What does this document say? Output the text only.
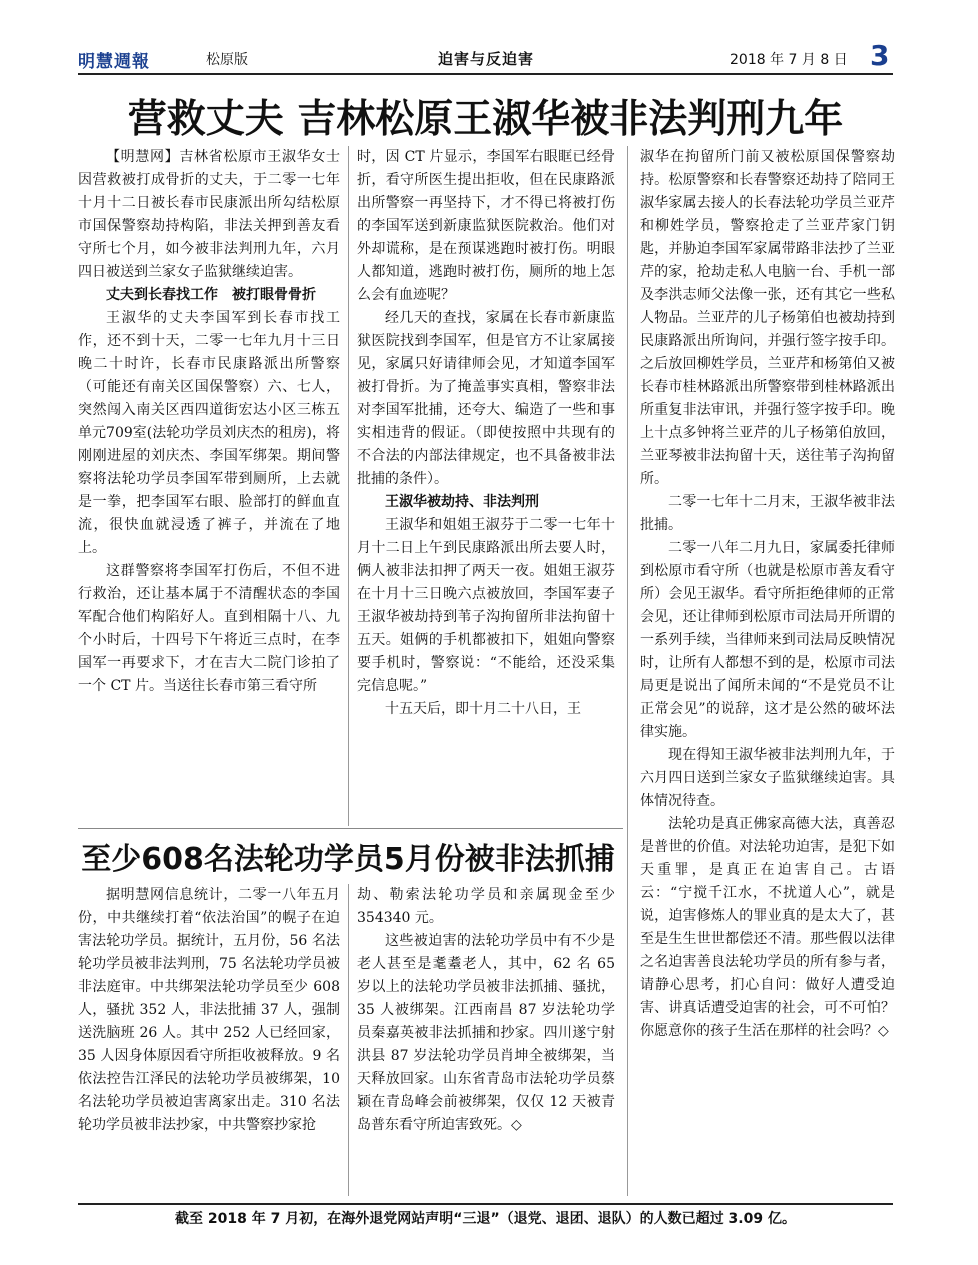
明慧週報	松原版	迫害与反迫害	2018 年 7 月 8 日 3
营救丈夫 吉林松原王淑华被非法判刑九年

【明慧网】吉林省松原市王淑华女士因营救被打成骨折的丈夫，于二零一七年十月十二日被长春市民康派出所勾结松原市国保警察劫持构陷，非法关押到善友看守所七个月，如今被非法判刑九年，六月四日被送到兰家女子监狱继续迫害。

丈夫到长春找工作　被打眼骨骨折

王淑华的丈夫李国军到长春市找工作，还不到十天，二零一七年九月十三日晚二十时许，长春市民康路派出所警察（可能还有南关区国保警察）六、七人，突然闯入南关区西四道街宏达小区三栋五单元709室(法轮功学员刘庆杰的租房)，将刚刚进屋的刘庆杰、李国军绑架。期间警察将法轮功学员李国军带到厕所，上去就是一拳，把李国军右眼、脸部打的鲜血直流，很快血就浸透了裤子，并流在了地上。

这群警察将李国军打伤后，不但不进行救治，还让基本属于不清醒状态的李国军配合他们构陷好人。直到相隔十八、九个小时后，十四号下午将近三点时，在李国军一再要求下，才在吉大二院门诊拍了一个 CT 片。当送往长春市第三看守所

时，因 CT 片显示，李国军右眼眶已经骨折，看守所医生提出拒收，但在民康路派出所警察一再坚持下，才不得已将被打伤的李国军送到新康监狱医院救治。他们对外却谎称，是在预谋逃跑时被打伤。明眼人都知道，逃跑时被打伤，厕所的地上怎么会有血迹呢？

经几天的查找，家属在长春市新康监狱医院找到李国军，但是官方不让家属接见，家属只好请律师会见，才知道李国军被打骨折。为了掩盖事实真相，警察非法对李国军批捕，还夸大、编造了一些和事实相违背的假证。（即使按照中共现有的不合法的内部法律规定，也不具备被非法批捕的条件）。

王淑华被劫持、非法判刑

王淑华和姐姐王淑芬于二零一七年十月十二日上午到民康路派出所去要人时，俩人被非法扣押了两天一夜。姐姐王淑芬在十月十三日晚六点被放回，李国军妻子王淑华被劫持到苇子沟拘留所非法拘留十五天。姐俩的手机都被扣下，姐姐向警察要手机时，警察说：“不能给，还没采集完信息呢。”

十五天后，即十月二十八日，王

淑华在拘留所门前又被松原国保警察劫持。松原警察和长春警察还劫持了陪同王淑华家属去接人的长春法轮功学员兰亚芹和柳姓学员，警察抢走了兰亚芹家门钥匙，并胁迫李国军家属带路非法抄了兰亚芹的家，抢劫走私人电脑一台、手机一部及李洪志师父法像一张，还有其它一些私人物品。兰亚芹的儿子杨第伯也被劫持到民康路派出所询问，并强行签字按手印。之后放回柳姓学员，兰亚芹和杨第伯又被长春市桂林路派出所警察带到桂林路派出所重复非法审讯，并强行签字按手印。晚上十点多钟将兰亚芹的儿子杨第伯放回，兰亚琴被非法拘留十天，送往苇子沟拘留所。

二零一七年十二月末，王淑华被非法批捕。

二零一八年二月九日，家属委托律师到松原市看守所（也就是松原市善友看守所）会见王淑华。看守所拒绝律师的正常会见，还让律师到松原市司法局开所谓的一系列手续，当律师来到司法局反映情况时，让所有人都想不到的是，松原市司法局更是说出了闻所未闻的“不是党员不让正常会见”的说辞，这才是公然的破坏法律实施。

现在得知王淑华被非法判刑九年，于六月四日送到兰家女子监狱继续迫害。具体情况待查。

法轮功是真正佛家高德大法，真善忍是普世的价值。对法轮功迫害，是犯下如天重罪，是真正在迫害自己。古语云：“宁搅千江水，不扰道人心”，就是说，迫害修炼人的罪业真的是太大了，甚至是生生世世都偿还不清。那些假以法律之名迫害善良法轮功学员的所有参与者，请静心思考，扪心自问：做好人遭受迫害、讲真话遭受迫害的社会，可不可怕？你愿意你的孩子生活在那样的社会吗？◇

至少608名法轮功学员5月份被非法抓捕

据明慧网信息统计，二零一八年五月份，中共继续打着“依法治国”的幌子在迫害法轮功学员。据统计，五月份，56 名法轮功学员被非法判刑，75 名法轮功学员被非法庭审。中共绑架法轮功学员至少 608 人，骚扰 352 人，非法批捕 37 人，强制送洗脑班 26 人。其中 252 人已经回家，35 人因身体原因看守所拒收被释放。9 名依法控告江泽民的法轮功学员被绑架，10 名法轮功学员被迫害离家出走。310 名法轮功学员被非法抄家，中共警察抄家抢

劫、勒索法轮功学员和亲属现金至少 354340 元。

这些被迫害的法轮功学员中有不少是老人甚至是耄耋老人，其中，62 名 65 岁以上的法轮功学员被非法抓捕、骚扰，35 人被绑架。江西南昌 87 岁法轮功学员秦嘉英被非法抓捕和抄家。四川遂宁射洪县 87 岁法轮功学员肖坤全被绑架，当天释放回家。山东省青岛市法轮功学员蔡颖在青岛峰会前被绑架，仅仅 12 天被青岛普东看守所迫害致死。◇

截至 2018 年 7 月初，在海外退党网站声明“三退”（退党、退团、退队）的人数已超过 3.09 亿。
